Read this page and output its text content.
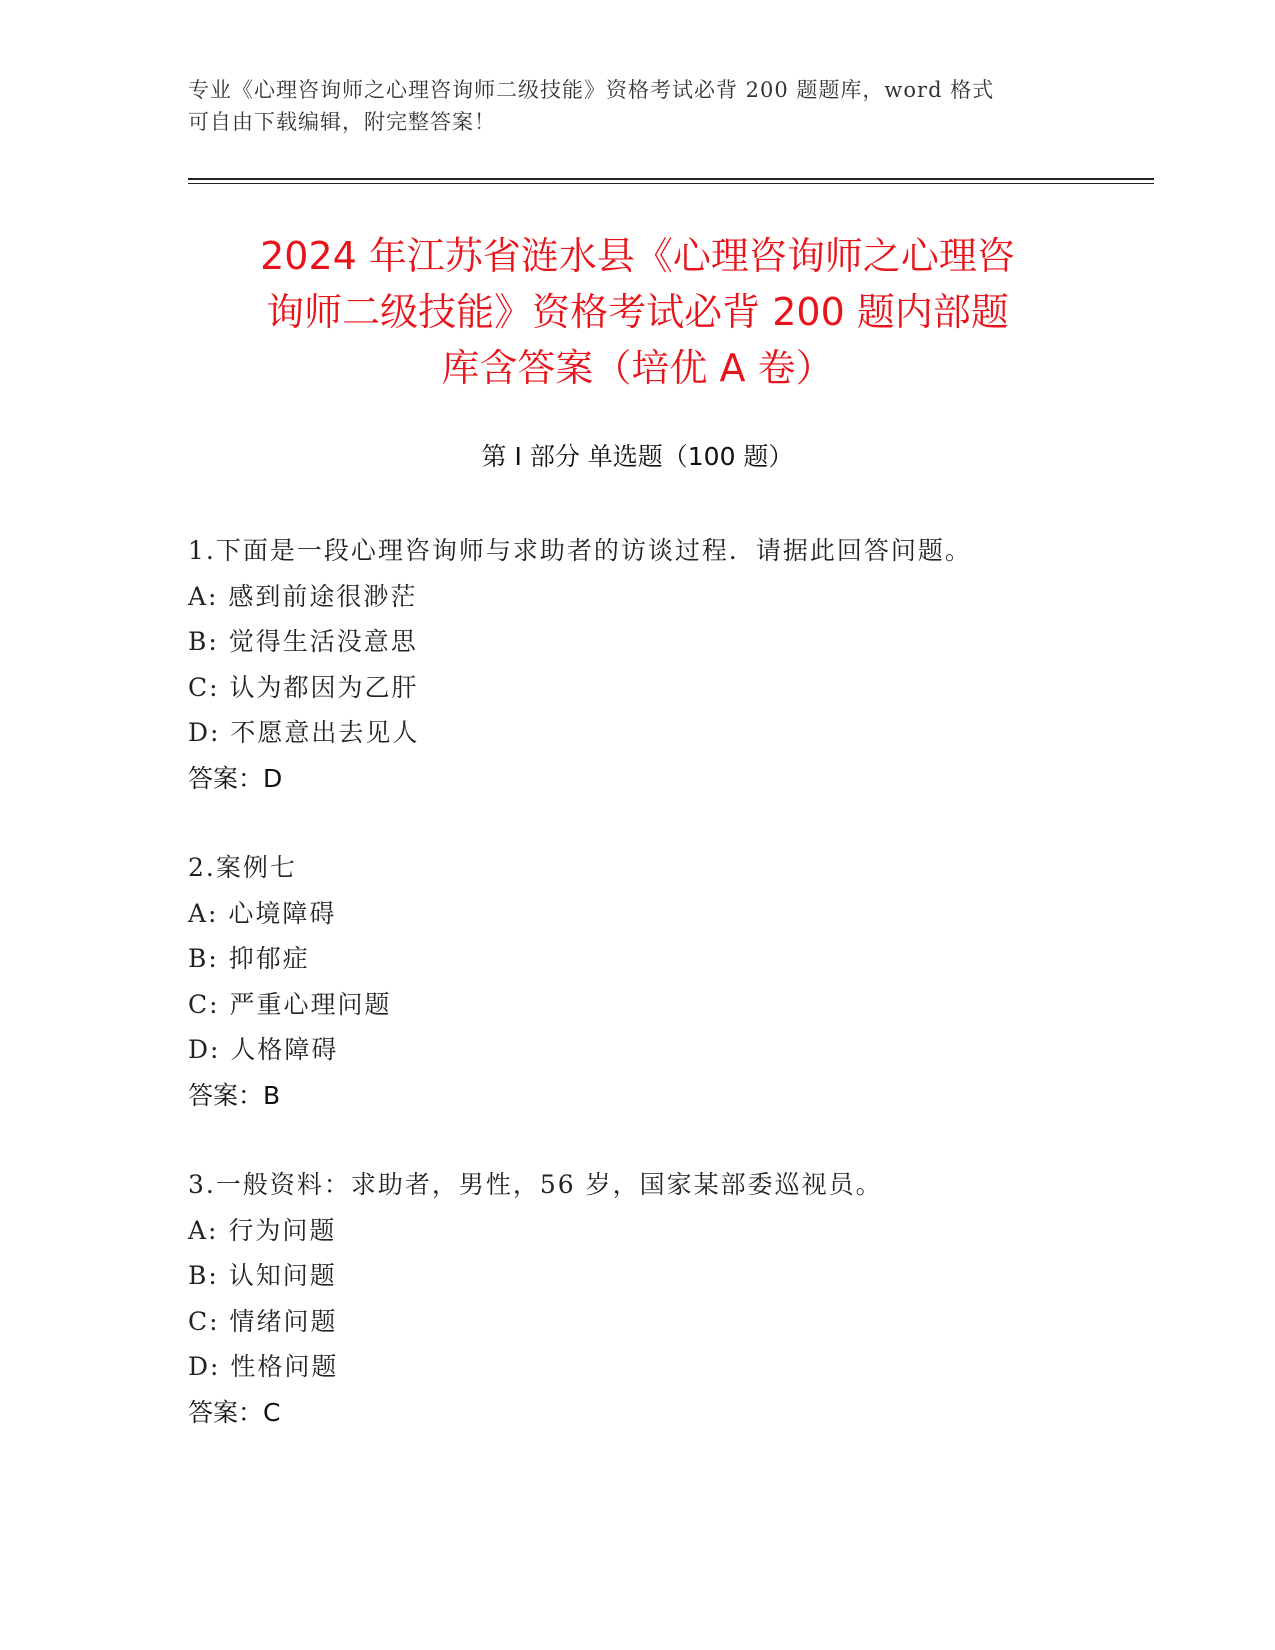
专业《心理咨询师之心理咨询师二级技能》资格考试必背 200 题题库，word 格式
可自由下载编辑，附完整答案！
2024 年江苏省涟水县《心理咨询师之心理咨
询师二级技能》资格考试必背 200 题内部题
库含答案（培优 A 卷）
第 I 部分 单选题（100 题）
1.下面是一段心理咨询师与求助者的访谈过程．请据此回答问题。
A: 感到前途很渺茫
B: 觉得生活没意思
C: 认为都因为乙肝
D: 不愿意出去见人
答案：D
2.案例七
A: 心境障碍
B: 抑郁症
C: 严重心理问题
D: 人格障碍
答案：B
3.一般资料：求助者，男性，56 岁，国家某部委巡视员。
A: 行为问题
B: 认知问题
C: 情绪问题
D: 性格问题
答案：C
